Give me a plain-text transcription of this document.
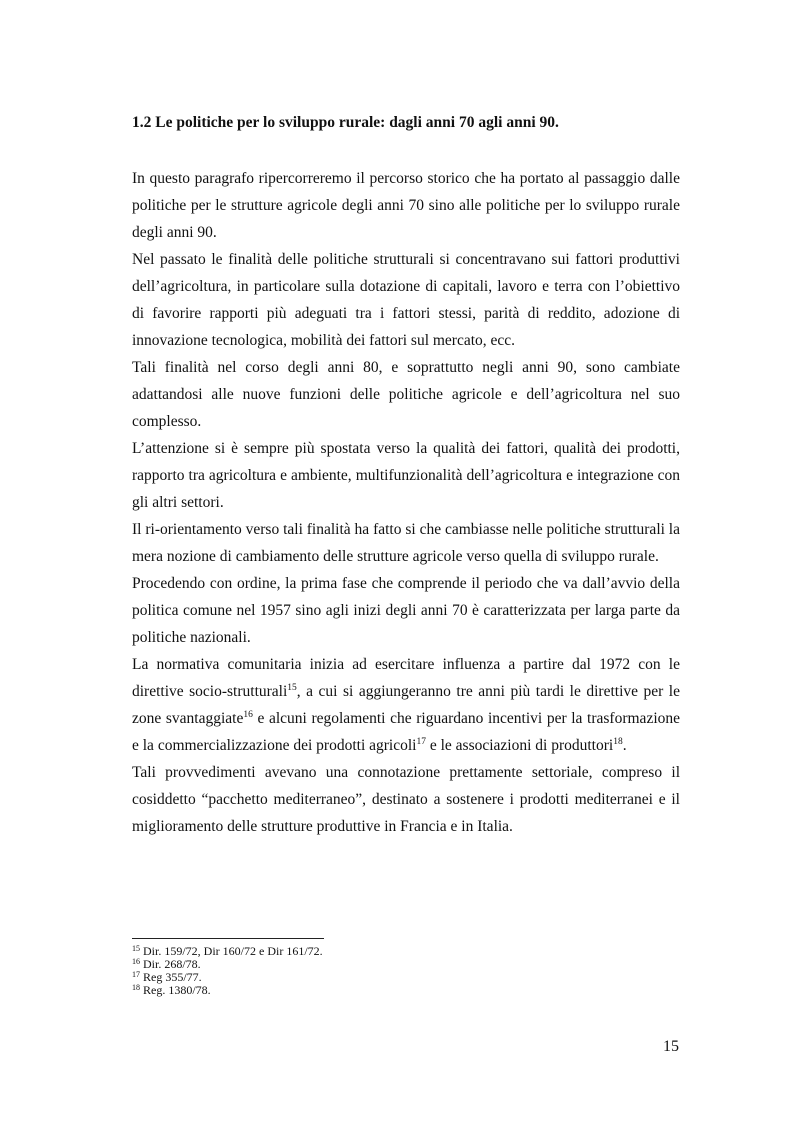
1.2 Le politiche per lo sviluppo rurale: dagli anni 70 agli anni 90.

In questo paragrafo ripercorreremo il percorso storico che ha portato al passaggio dalle politiche per le strutture agricole degli anni 70 sino alle politiche per lo sviluppo rurale degli anni 90.

Nel passato le finalità delle politiche strutturali si concentravano sui fattori produttivi dell’agricoltura, in particolare sulla dotazione di capitali, lavoro e terra con l’obiettivo di favorire rapporti più adeguati tra i fattori stessi, parità di reddito, adozione di innovazione tecnologica, mobilità dei fattori sul mercato, ecc.

Tali finalità nel corso degli anni 80, e soprattutto negli anni 90, sono cambiate adattandosi alle nuove funzioni delle politiche agricole e dell’agricoltura nel suo complesso.

L’attenzione si è sempre più spostata verso la qualità dei fattori, qualità dei prodotti, rapporto tra agricoltura e ambiente, multifunzionalità dell’agricoltura e integrazione con gli altri settori.

Il ri-orientamento verso tali finalità ha fatto si che cambiasse nelle politiche strutturali la mera nozione di cambiamento delle strutture agricole verso quella di sviluppo rurale.

Procedendo con ordine, la prima fase che comprende il periodo che va dall’avvio della politica comune nel 1957 sino agli inizi degli anni 70 è caratterizzata per larga parte da politiche nazionali.

La normativa comunitaria inizia ad esercitare influenza a partire dal 1972 con le direttive socio-strutturali$^{15}$, a cui si aggiungeranno tre anni più tardi le direttive per le zone svantaggiate$^{16}$ e alcuni regolamenti che riguardano incentivi per la trasformazione e la commercializzazione dei prodotti agricoli$^{17}$ e le associazioni di produttori$^{18}$.

Tali provvedimenti avevano una connotazione prettamente settoriale, compreso il cosiddetto “pacchetto mediterraneo”, destinato a sostenere i prodotti mediterranei e il miglioramento delle strutture produttive in Francia e in Italia.

$^{15}$ Dir. 159/72, Dir 160/72 e Dir 161/72.
$^{16}$ Dir. 268/78.
$^{17}$ Reg 355/77.
$^{18}$ Reg. 1380/78.
15
